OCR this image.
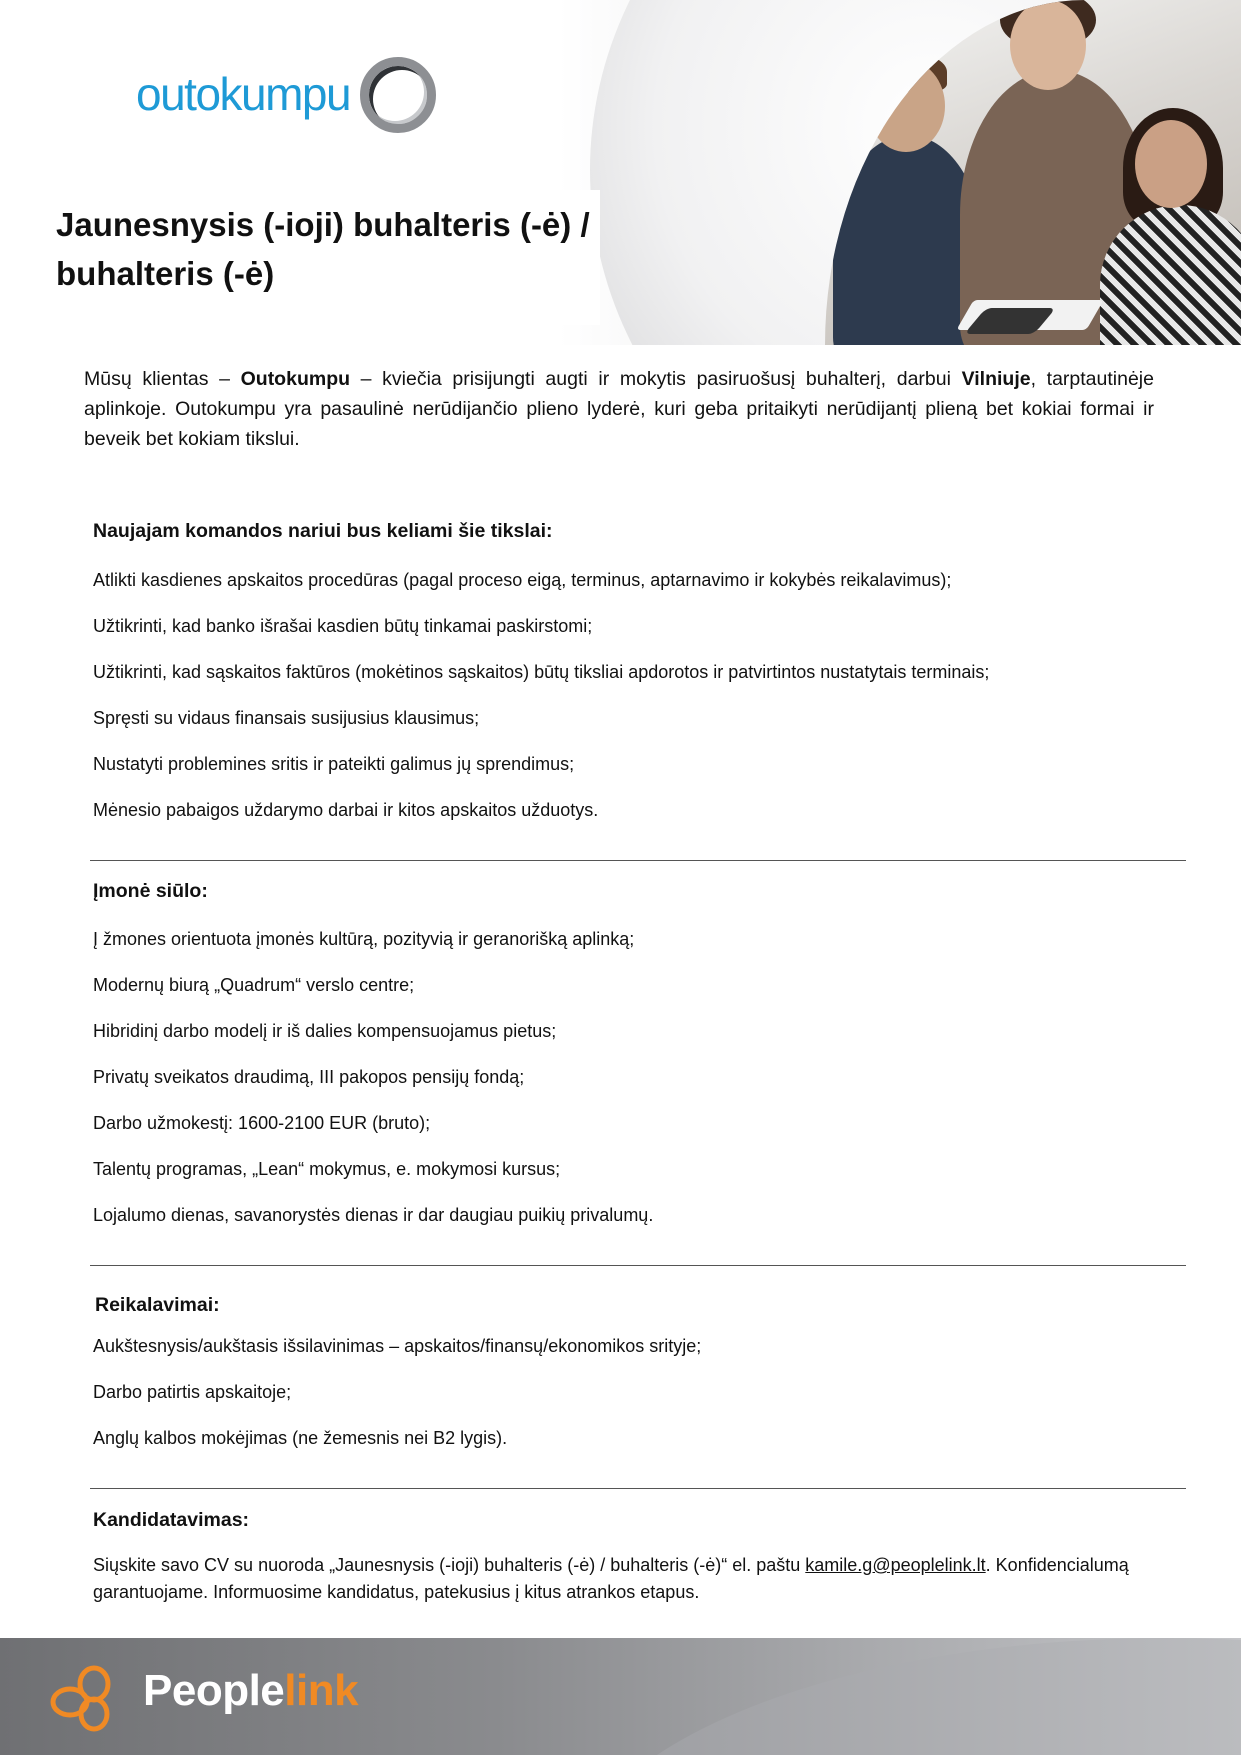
outokumpu
Jaunesnysis (-ioji) buhalteris (-ė) /
buhalteris (-ė)

Mūsų klientas – Outokumpu – kviečia prisijungti augti ir mokytis pasiruošusį buhalterį, darbui Vilniuje, tarptautinėje aplinkoje. Outokumpu yra pasaulinė nerūdijančio plieno lyderė, kuri geba pritaikyti nerūdijantį plieną bet kokiai formai ir beveik bet kokiam tikslui.

Naujajam komandos nariui bus keliami šie tikslai:

Atlikti kasdienes apskaitos procedūras (pagal proceso eigą, terminus, aptarnavimo ir kokybės reikalavimus);

Užtikrinti, kad banko išrašai kasdien būtų tinkamai paskirstomi;

Užtikrinti, kad sąskaitos faktūros (mokėtinos sąskaitos) būtų tiksliai apdorotos ir patvirtintos nustatytais terminais;

Spręsti su vidaus finansais susijusius klausimus;

Nustatyti problemines sritis ir pateikti galimus jų sprendimus;

Mėnesio pabaigos uždarymo darbai ir kitos apskaitos užduotys.

Įmonė siūlo:

Į žmones orientuota įmonės kultūrą, pozityvią ir geranorišką aplinką;

Modernų biurą „Quadrum“ verslo centre;

Hibridinį darbo modelį ir iš dalies kompensuojamus pietus;

Privatų sveikatos draudimą, III pakopos pensijų fondą;

Darbo užmokestį: 1600-2100 EUR (bruto);

Talentų programas, „Lean“ mokymus, e. mokymosi kursus;

Lojalumo dienas, savanorystės dienas ir dar daugiau puikių privalumų.

Reikalavimai:

Aukštesnysis/aukštasis išsilavinimas – apskaitos/finansų/ekonomikos srityje;

Darbo patirtis apskaitoje;

Anglų kalbos mokėjimas (ne žemesnis nei B2 lygis).

Kandidatavimas:

Siųskite savo CV su nuoroda „Jaunesnysis (-ioji) buhalteris (-ė) / buhalteris (-ė)“ el. paštu kamile.g@peoplelink.lt. Konfidencialumą garantuojame. Informuosime kandidatus, patekusius į kitus atrankos etapus.

Peoplelink
